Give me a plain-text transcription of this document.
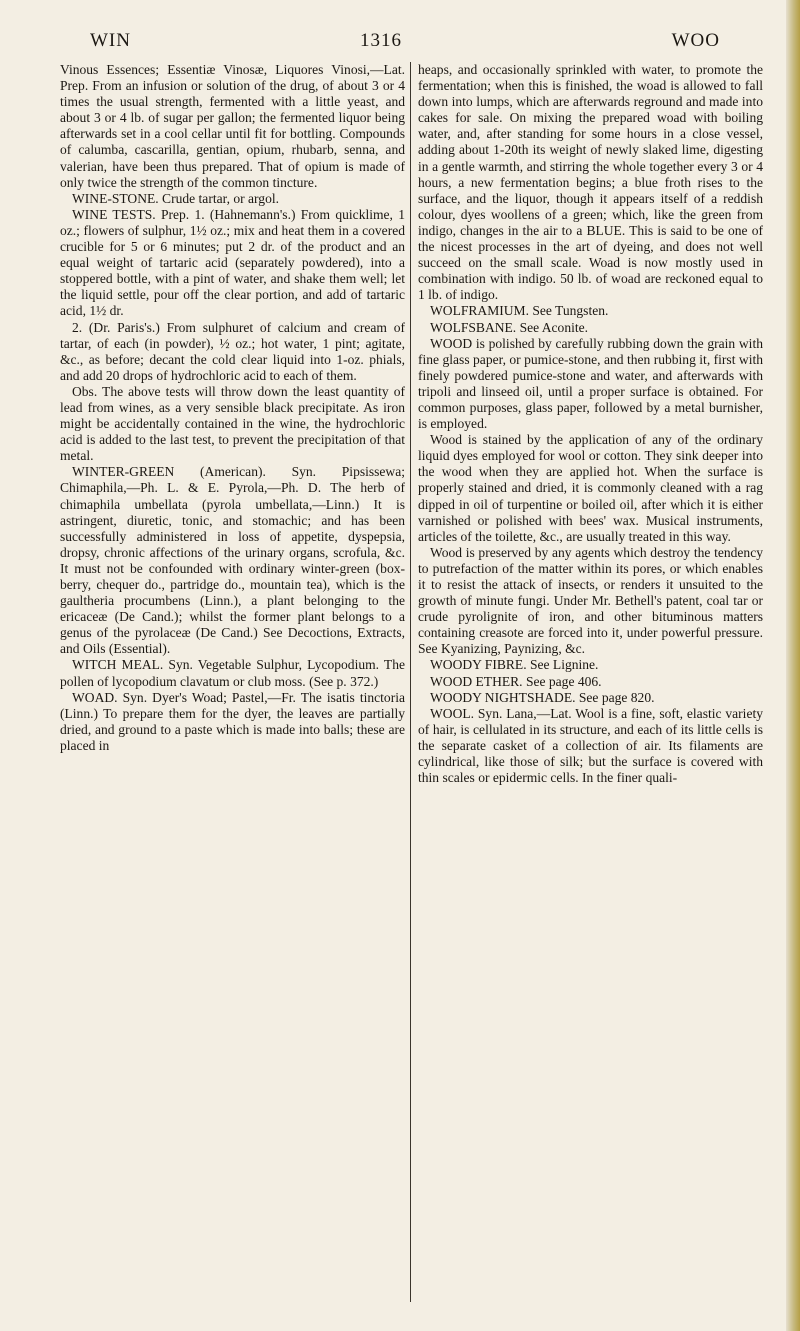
WIN	1316	WOO

Vinous Essences; Essentiæ Vinosæ, Liquores Vinosi,—Lat. Prep. From an infusion or solution of the drug, of about 3 or 4 times the usual strength, fermented with a little yeast, and about 3 or 4 lb. of sugar per gallon; the fermented liquor being afterwards set in a cool cellar until fit for bottling. Compounds of calumba, cascarilla, gentian, opium, rhubarb, senna, and valerian, have been thus prepared. That of opium is made of only twice the strength of the common tincture.

WINE-STONE. Crude tartar, or argol.

WINE TESTS. Prep. 1. (Hahnemann's.) From quicklime, 1 oz.; flowers of sulphur, 1½ oz.; mix and heat them in a covered crucible for 5 or 6 minutes; put 2 dr. of the product and an equal weight of tartaric acid (separately powdered), into a stoppered bottle, with a pint of water, and shake them well; let the liquid settle, pour off the clear portion, and add of tartaric acid, 1½ dr.

2. (Dr. Paris's.) From sulphuret of calcium and cream of tartar, of each (in powder), ½ oz.; hot water, 1 pint; agitate, &c., as before; decant the cold clear liquid into 1-oz. phials, and add 20 drops of hydrochloric acid to each of them.

Obs. The above tests will throw down the least quantity of lead from wines, as a very sensible black precipitate. As iron might be accidentally contained in the wine, the hydrochloric acid is added to the last test, to prevent the precipitation of that metal.

WINTER-GREEN (American). Syn. Pipsissewa; Chimaphila,—Ph. L. & E. Pyrola,—Ph. D. The herb of chimaphila umbellata (pyrola umbellata,—Linn.) It is astringent, diuretic, tonic, and stomachic; and has been successfully administered in loss of appetite, dyspepsia, dropsy, chronic affections of the urinary organs, scrofula, &c. It must not be confounded with ordinary winter-green (box-berry, chequer do., partridge do., mountain tea), which is the gaultheria procumbens (Linn.), a plant belonging to the ericaceæ (De Cand.); whilst the former plant belongs to a genus of the pyrolaceæ (De Cand.) See Decoctions, Extracts, and Oils (Essential).

WITCH MEAL. Syn. Vegetable Sulphur, Lycopodium. The pollen of lycopodium clavatum or club moss. (See p. 372.)

WOAD. Syn. Dyer's Woad; Pastel,—Fr. The isatis tinctoria (Linn.) To prepare them for the dyer, the leaves are partially dried, and ground to a paste which is made into balls; these are placed in

heaps, and occasionally sprinkled with water, to promote the fermentation; when this is finished, the woad is allowed to fall down into lumps, which are afterwards reground and made into cakes for sale. On mixing the prepared woad with boiling water, and, after standing for some hours in a close vessel, adding about 1-20th its weight of newly slaked lime, digesting in a gentle warmth, and stirring the whole together every 3 or 4 hours, a new fermentation begins; a blue froth rises to the surface, and the liquor, though it appears itself of a reddish colour, dyes woollens of a green; which, like the green from indigo, changes in the air to a BLUE. This is said to be one of the nicest processes in the art of dyeing, and does not well succeed on the small scale. Woad is now mostly used in combination with indigo. 50 lb. of woad are reckoned equal to 1 lb. of indigo.

WOLFRAMIUM. See Tungsten.

WOLFSBANE. See Aconite.

WOOD is polished by carefully rubbing down the grain with fine glass paper, or pumice-stone, and then rubbing it, first with finely powdered pumice-stone and water, and afterwards with tripoli and linseed oil, until a proper surface is obtained. For common purposes, glass paper, followed by a metal burnisher, is employed.

Wood is stained by the application of any of the ordinary liquid dyes employed for wool or cotton. They sink deeper into the wood when they are applied hot. When the surface is properly stained and dried, it is commonly cleaned with a rag dipped in oil of turpentine or boiled oil, after which it is either varnished or polished with bees' wax. Musical instruments, articles of the toilette, &c., are usually treated in this way.

Wood is preserved by any agents which destroy the tendency to putrefaction of the matter within its pores, or which enables it to resist the attack of insects, or renders it unsuited to the growth of minute fungi. Under Mr. Bethell's patent, coal tar or crude pyrolignite of iron, and other bituminous matters containing creasote are forced into it, under powerful pressure. See Kyanizing, Paynizing, &c.

WOODY FIBRE. See Lignine.

WOOD ETHER. See page 406.

WOODY NIGHTSHADE. See page 820.

WOOL. Syn. Lana,—Lat. Wool is a fine, soft, elastic variety of hair, is cellulated in its structure, and each of its little cells is the separate casket of a collection of air. Its filaments are cylindrical, like those of silk; but the surface is covered with thin scales or epidermic cells. In the finer quali-
